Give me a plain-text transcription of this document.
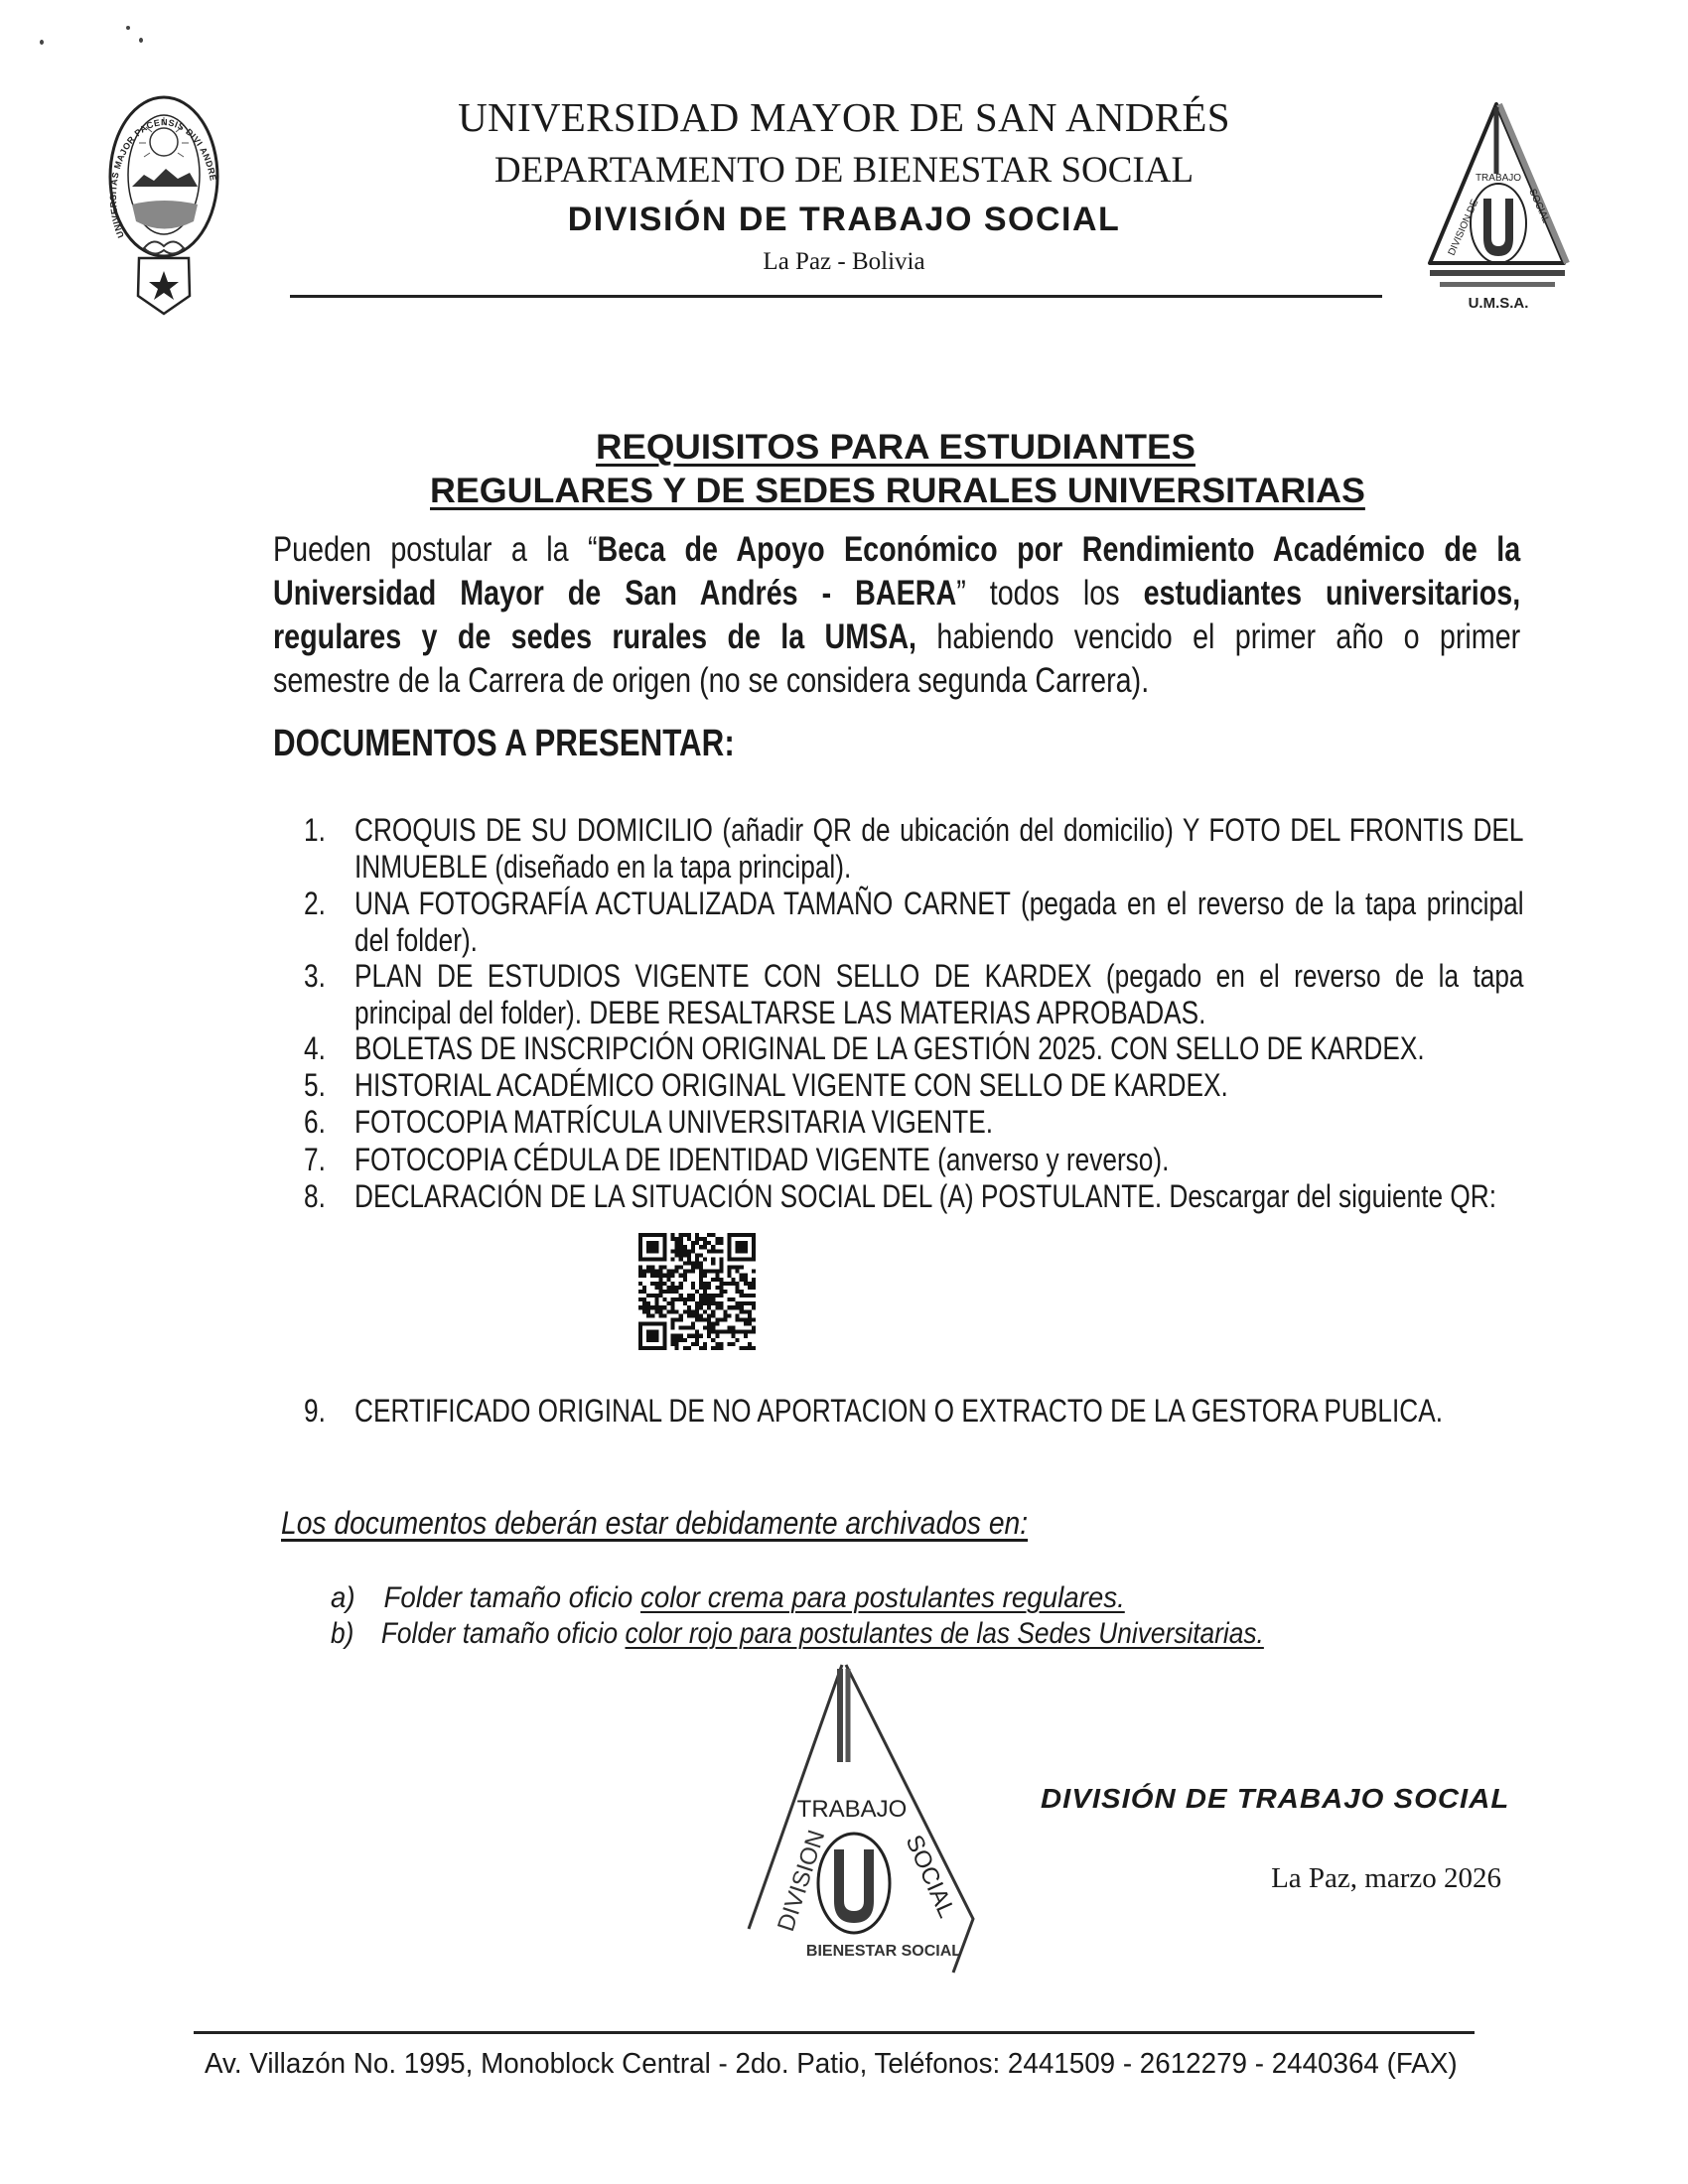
UNIVERSITAS MAJOR PACENSIS DIVI ANDRE
UNIVERSIDAD MAYOR DE SAN ANDRÉS
DEPARTAMENTO DE BIENESTAR SOCIAL
DIVISIÓN DE TRABAJO SOCIAL
La Paz - Bolivia
TRABAJO
DIVISION DE	SOCIAL
U.M.S.A.
REQUISITOS PARA ESTUDIANTES
REGULARES Y DE SEDES RURALES UNIVERSITARIAS
Pueden postular a la “Beca de Apoyo Económico por Rendimiento Académico de la
Universidad Mayor de San Andrés - BAERA” todos los estudiantes universitarios,
regulares y de sedes rurales de la UMSA, habiendo vencido el primer año o primer
semestre de la Carrera de origen (no se considera segunda Carrera).
DOCUMENTOS A PRESENTAR:
1. CROQUIS DE SU DOMICILIO (añadir QR de ubicación del domicilio) Y FOTO DEL FRONTIS DEL
INMUEBLE (diseñado en la tapa principal).
2. UNA FOTOGRAFÍA ACTUALIZADA TAMAÑO CARNET (pegada en el reverso de la tapa principal
del folder).
3. PLAN DE ESTUDIOS VIGENTE CON SELLO DE KARDEX (pegado en el reverso de la tapa
principal del folder). DEBE RESALTARSE LAS MATERIAS APROBADAS.
4. BOLETAS DE INSCRIPCIÓN ORIGINAL DE LA GESTIÓN 2025. CON SELLO DE KARDEX.
5. HISTORIAL ACADÉMICO ORIGINAL VIGENTE CON SELLO DE KARDEX.
6. FOTOCOPIA MATRÍCULA UNIVERSITARIA VIGENTE.
7. FOTOCOPIA CÉDULA DE IDENTIDAD VIGENTE (anverso y reverso).
8. DECLARACIÓN DE LA SITUACIÓN SOCIAL DEL (A) POSTULANTE. Descargar del siguiente QR:
9. CERTIFICADO ORIGINAL DE NO APORTACION O EXTRACTO DE LA GESTORA PUBLICA.
Los documentos deberán estar debidamente archivados en:
a) Folder tamaño oficio color crema para postulantes regulares.
b) Folder tamaño oficio color rojo para postulantes de las Sedes Universitarias.
TRABAJO
DIVISION	SOCIAL
BIENESTAR SOCIAL
DIVISIÓN DE TRABAJO SOCIAL
La Paz, marzo 2026
Av. Villazón No. 1995, Monoblock Central - 2do. Patio, Teléfonos: 2441509 - 2612279 - 2440364 (FAX)
